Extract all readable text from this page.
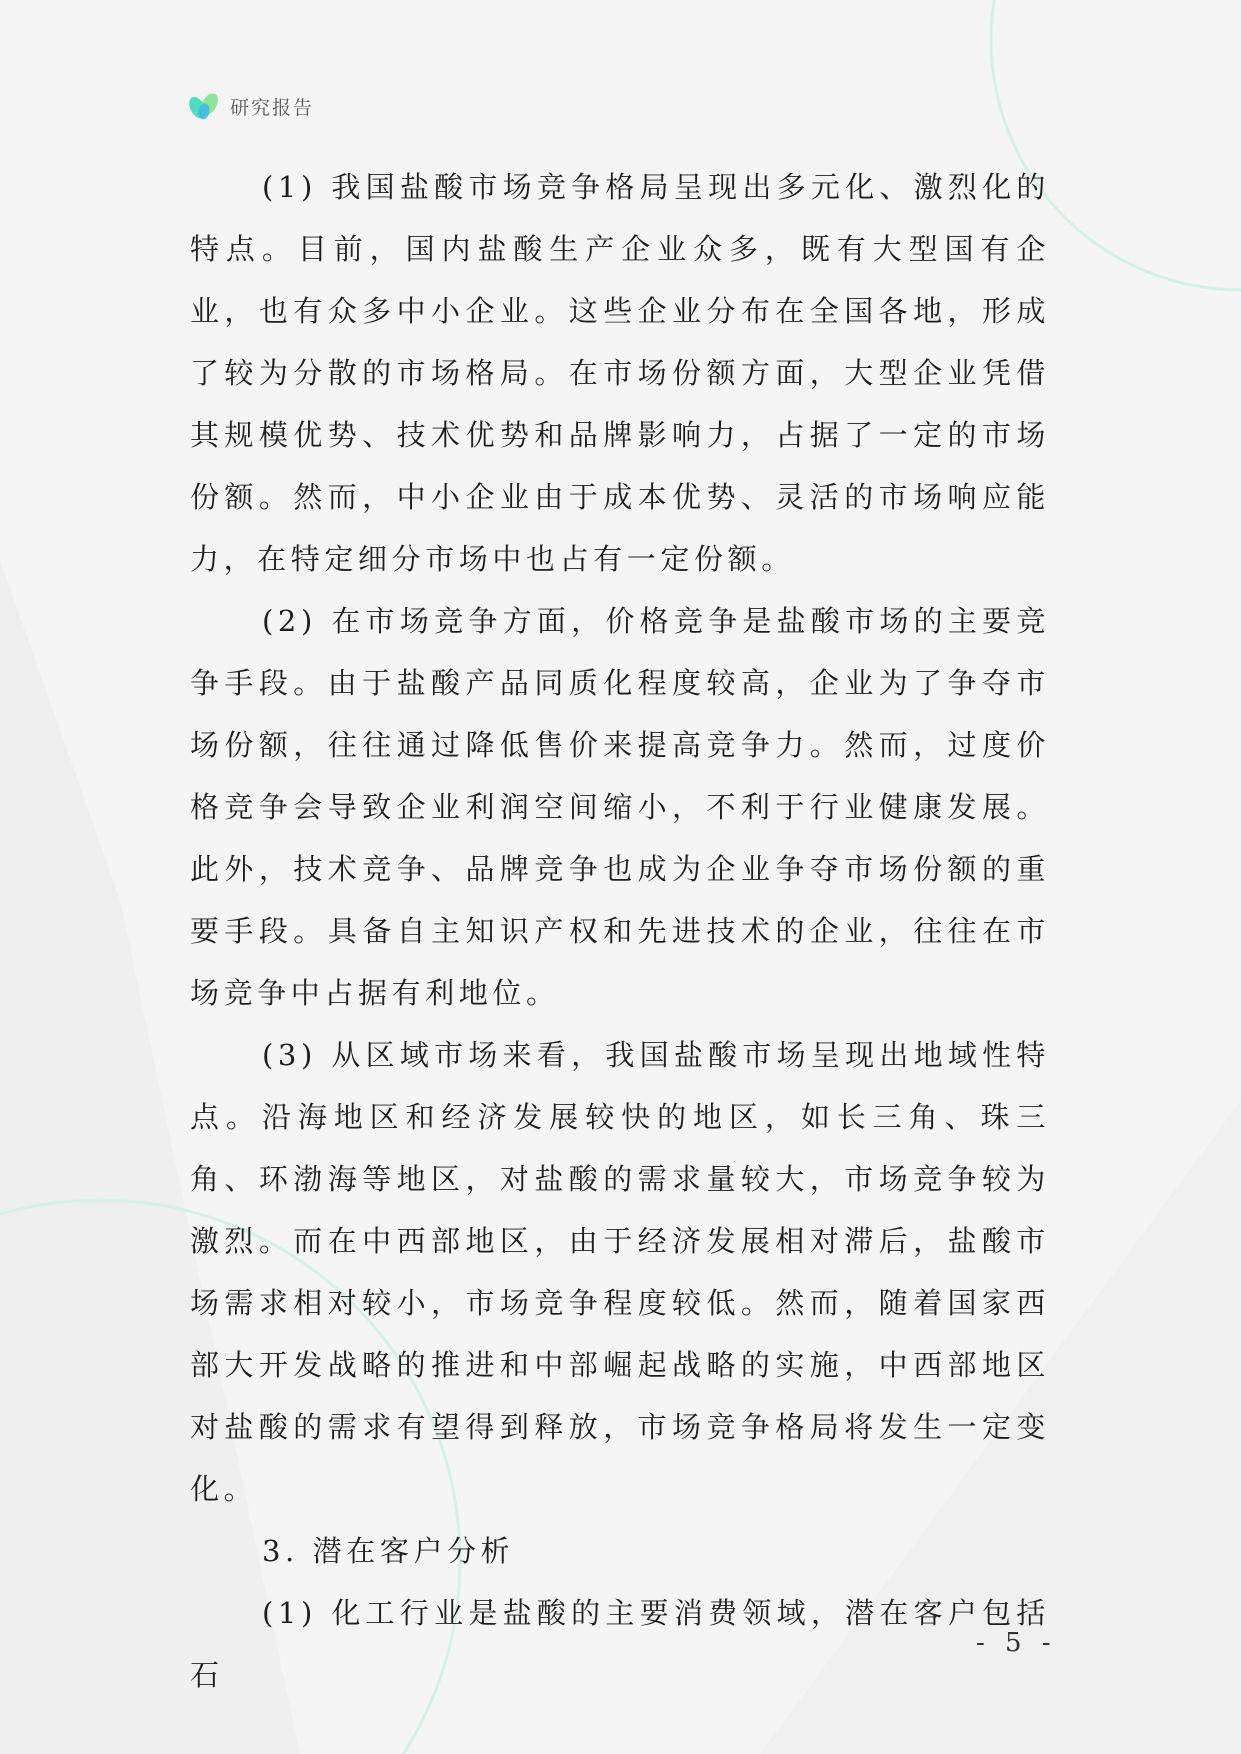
研究报告

(1) 我国盐酸市场竞争格局呈现出多元化、激烈化的特点。目前，国内盐酸生产企业众多，既有大型国有企业，也有众多中小企业。这些企业分布在全国各地，形成了较为分散的市场格局。在市场份额方面，大型企业凭借其规模优势、技术优势和品牌影响力，占据了一定的市场份额。然而，中小企业由于成本优势、灵活的市场响应能力，在特定细分市场中也占有一定份额。

(2) 在市场竞争方面，价格竞争是盐酸市场的主要竞争手段。由于盐酸产品同质化程度较高，企业为了争夺市场份额，往往通过降低售价来提高竞争力。然而，过度价格竞争会导致企业利润空间缩小，不利于行业健康发展。此外，技术竞争、品牌竞争也成为企业争夺市场份额的重要手段。具备自主知识产权和先进技术的企业，往往在市场竞争中占据有利地位。

(3) 从区域市场来看，我国盐酸市场呈现出地域性特点。沿海地区和经济发展较快的地区，如长三角、珠三角、环渤海等地区，对盐酸的需求量较大，市场竞争较为激烈。而在中西部地区，由于经济发展相对滞后，盐酸市场需求相对较小，市场竞争程度较低。然而，随着国家西部大开发战略的推进和中部崛起战略的实施，中西部地区对盐酸的需求有望得到释放，市场竞争格局将发生一定变化。

3. 潜在客户分析

(1) 化工行业是盐酸的主要消费领域，潜在客户包括石

- 5 -
